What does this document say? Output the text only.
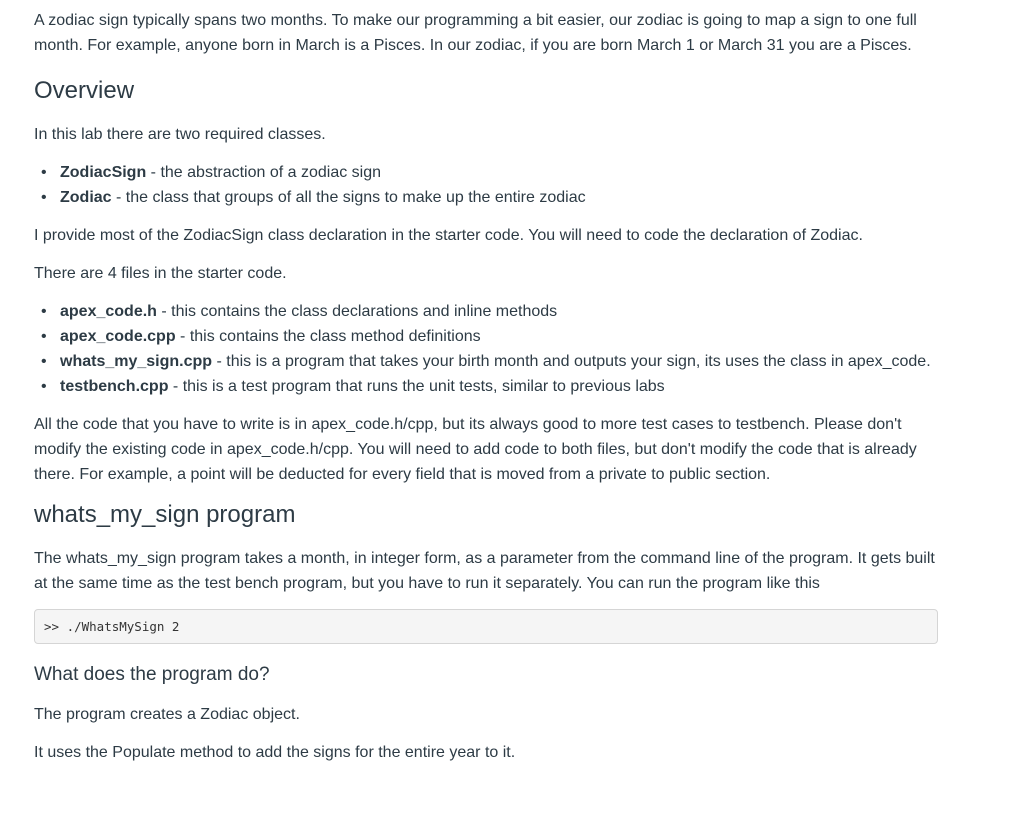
A zodiac sign typically spans two months. To make our programming a bit easier, our zodiac is going to map a sign to one full month. For example, anyone born in March is a Pisces. In our zodiac, if you are born March 1 or March 31 you are a Pisces.

Overview

In this lab there are two required classes.

• ZodiacSign - the abstraction of a zodiac sign
• Zodiac - the class that groups of all the signs to make up the entire zodiac

I provide most of the ZodiacSign class declaration in the starter code. You will need to code the declaration of Zodiac.

There are 4 files in the starter code.

• apex_code.h - this contains the class declarations and inline methods
• apex_code.cpp - this contains the class method definitions
• whats_my_sign.cpp - this is a program that takes your birth month and outputs your sign, its uses the class in apex_code.
• testbench.cpp - this is a test program that runs the unit tests, similar to previous labs

All the code that you have to write is in apex_code.h/cpp, but its always good to more test cases to testbench. Please don't modify the existing code in apex_code.h/cpp. You will need to add code to both files, but don't modify the code that is already there. For example, a point will be deducted for every field that is moved from a private to public section.

whats_my_sign program

The whats_my_sign program takes a month, in integer form, as a parameter from the command line of the program. It gets built at the same time as the test bench program, but you have to run it separately. You can run the program like this

>> ./WhatsMySign 2
What does the program do?

The program creates a Zodiac object.

It uses the Populate method to add the signs for the entire year to it.
